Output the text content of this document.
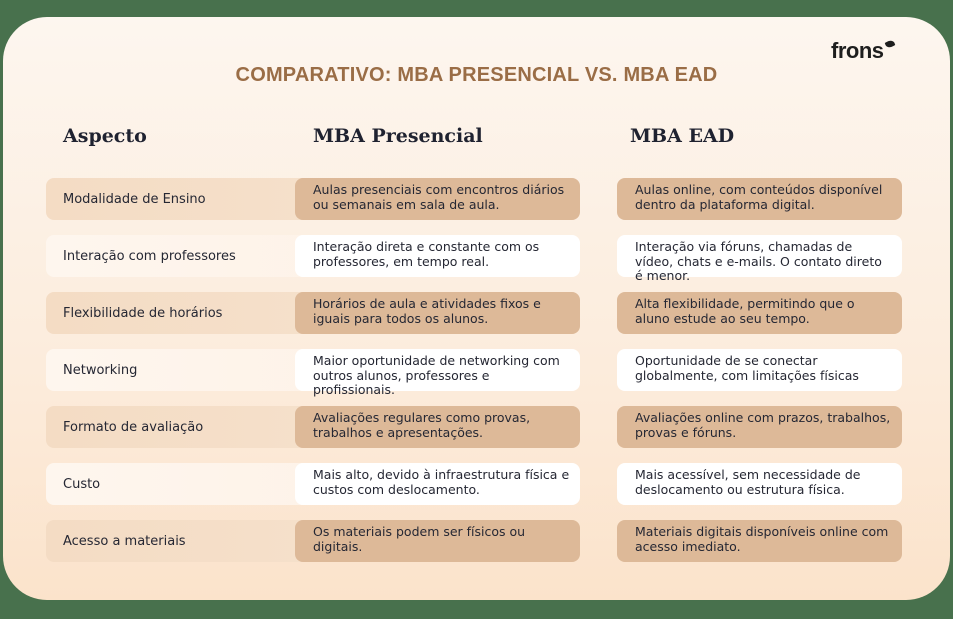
frons
COMPARATIVO: MBA PRESENCIAL VS. MBA EAD
Aspecto	MBA Presencial	MBA EAD
Modalidade de Ensino
Aulas presenciais com encontros diários ou semanais em sala de aula.
Aulas online, com conteúdos disponível dentro da plataforma digital.
Interação com professores
Interação direta e constante com os professores, em tempo real.
Interação via fóruns, chamadas de vídeo, chats e e-mails. O contato direto é menor.
Flexibilidade de horários
Horários de aula e atividades fixos e iguais para todos os alunos.
Alta flexibilidade, permitindo que o aluno estude ao seu tempo.
Networking
Maior oportunidade de networking com outros alunos, professores e profissionais.
Oportunidade de se conectar globalmente, com limitações físicas
Formato de avaliação
Avaliações regulares como provas, trabalhos e apresentações.
Avaliações online com prazos, trabalhos, provas e fóruns.
Custo
Mais alto, devido à infraestrutura física e custos com deslocamento.
Mais acessível, sem necessidade de deslocamento ou estrutura física.
Acesso a materiais
Os materiais podem ser físicos ou digitais.
Materiais digitais disponíveis online com acesso imediato.
